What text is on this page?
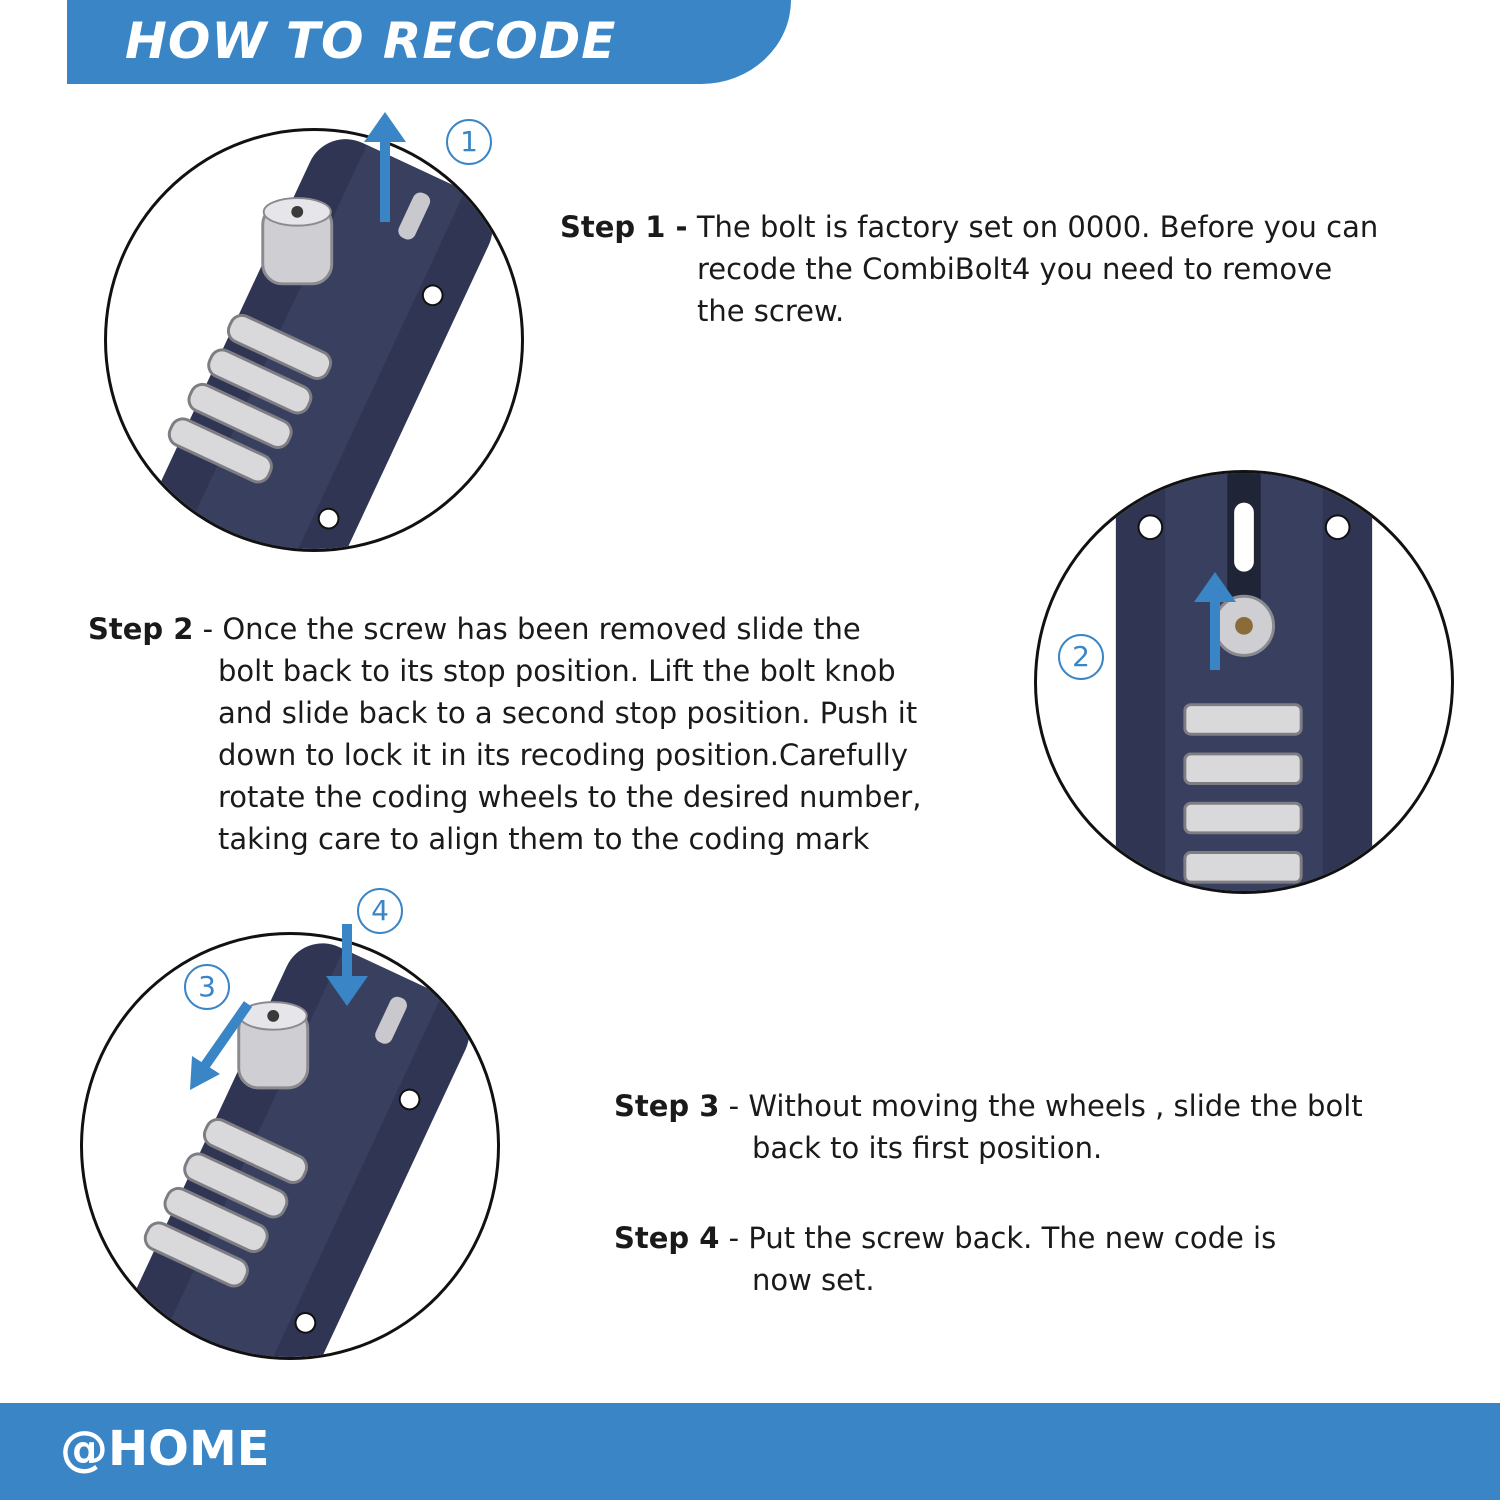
HOW TO RECODE
1
2
3
4
Step 1 - The bolt is factory set on 0000. Before you can
recode the CombiBolt4 you need to remove
the screw.
Step 2 - Once the screw has been removed slide the
bolt back to its stop position. Lift the bolt knob
and slide back to a second stop position. Push it
down to lock it in its recoding position.Carefully
rotate the coding wheels to the desired number,
taking care to align them to the coding mark
Step 3 - Without moving the wheels , slide the bolt
back to its first position.
Step 4 - Put the screw back. The new code is
now set.
@HOME
